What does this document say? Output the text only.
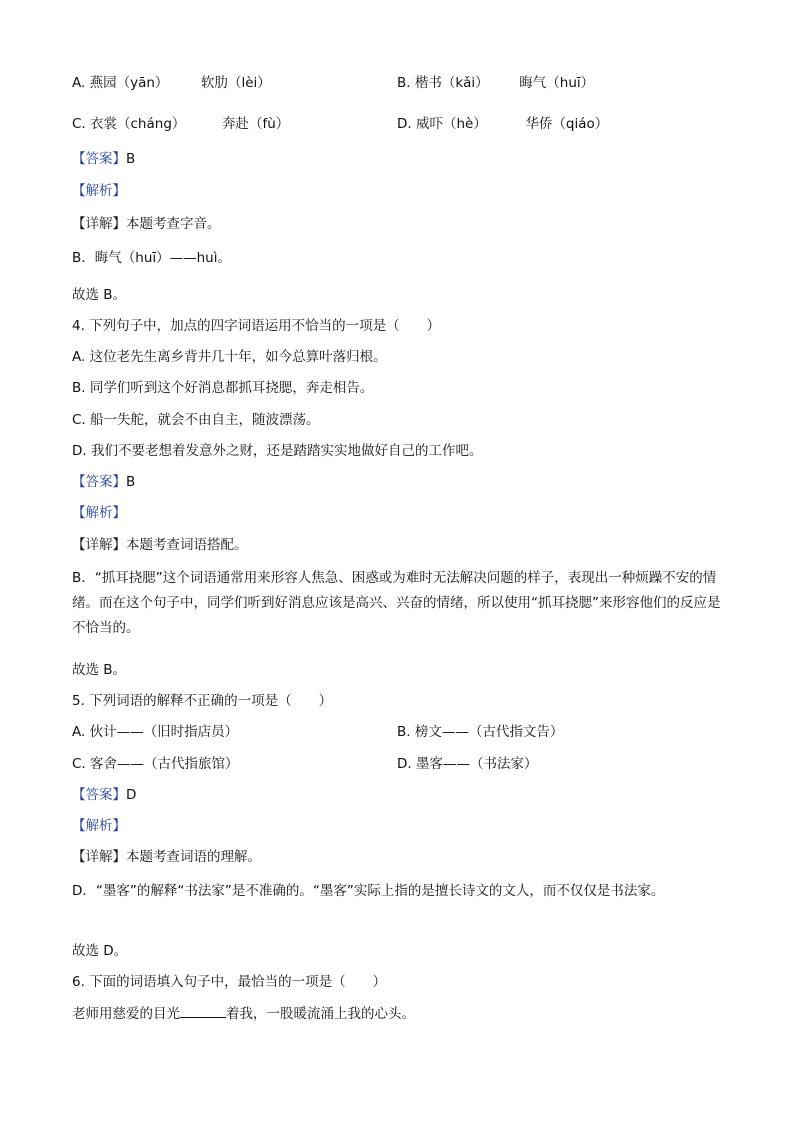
A. 燕园（yān） 软肋（lèi）	B. 楷书（kǎi） 晦气（huī）
C. 衣裳（cháng）	奔赴（fù）	D. 威吓（hè）	华侨（qiáo）
【答案】B
【解析】
【详解】本题考查字音。
B．晦气（huī）——huì。
故选 B。
4. 下列句子中，加点的四字词语运用不恰当的一项是（　　）
A. 这位老先生离乡背井几十年，如今总算叶落归根。
B. 同学们听到这个好消息都抓耳挠腮，奔走相告。
C. 船一失舵，就会不由自主，随波漂荡。
D. 我们不要老想着发意外之财，还是踏踏实实地做好自己的工作吧。
【答案】B
【解析】
【详解】本题考查词语搭配。
B．“抓耳挠腮”这个词语通常用来形容人焦急、困惑或为难时无法解决问题的样子，表现出一种烦躁不安的情绪。而在这个句子中，同学们听到好消息应该是高兴、兴奋的情绪，所以使用“抓耳挠腮”来形容他们的反应是不恰当的。
故选 B。
5. 下列词语的解释不正确的一项是（　　）
A. 伙计——（旧时指店员）	B. 榜文——（古代指文告）
C. 客舍——（古代指旅馆）	D. 墨客——（书法家）
【答案】D
【解析】
【详解】本题考查词语的理解。
D．“墨客”的解释“书法家”是不准确的。“墨客”实际上指的是擅长诗文的文人，而不仅仅是书法家。
故选 D。
6. 下面的词语填入句子中，最恰当的一项是（　　）
老师用慈爱的目光	着我，一股暖流涌上我的心头。
